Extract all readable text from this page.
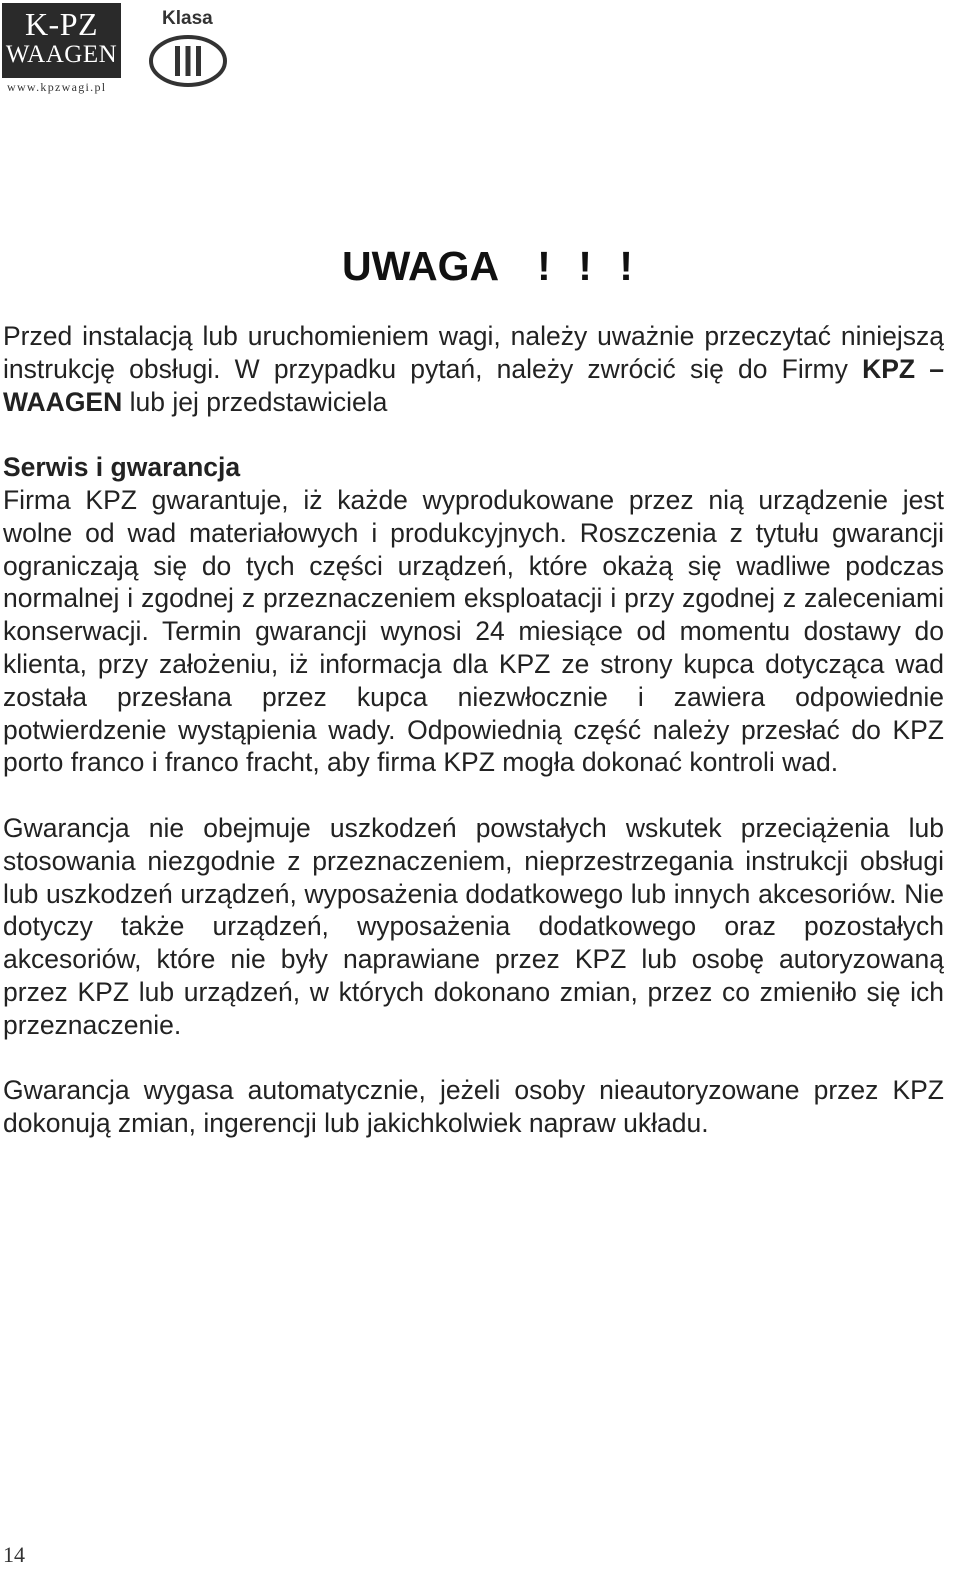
K-PZ
WAAGEN
www.kpzwagi.pl
Klasa
UWAGA ! ! !

Przed instalacją lub uruchomieniem wagi, należy uważnie przeczytać niniejszą instrukcję obsługi. W przypadku pytań, należy zwrócić się do Firmy KPZ – WAAGEN lub jej przedstawiciela

Serwis i gwarancja

Firma KPZ gwarantuje, iż każde wyprodukowane przez nią urządzenie jest wolne od wad materiałowych i produkcyjnych. Roszczenia z tytułu gwarancji ograniczają się do tych części urządzeń, które okażą się wadliwe podczas normalnej i zgodnej z przeznaczeniem eksploatacji i przy zgodnej z zaleceniami konserwacji. Termin gwarancji wynosi 24 miesiące od momentu dostawy do klienta, przy założeniu, iż informacja dla KPZ ze strony kupca dotycząca wad została przesłana przez kupca niezwłocznie i zawiera odpowiednie potwierdzenie wystąpienia wady. Odpowiednią część należy przesłać do KPZ porto franco i franco fracht, aby firma KPZ mogła dokonać kontroli wad.

Gwarancja nie obejmuje uszkodzeń powstałych wskutek przeciążenia lub stosowania niezgodnie z przeznaczeniem, nieprzestrzegania instrukcji obsługi lub uszkodzeń urządzeń, wyposażenia dodatkowego lub innych akcesoriów. Nie dotyczy także urządzeń, wyposażenia dodatkowego oraz pozostałych akcesoriów, które nie były naprawiane przez KPZ lub osobę autoryzowaną przez KPZ lub urządzeń, w których dokonano zmian, przez co zmieniło się ich przeznaczenie.

Gwarancja wygasa automatycznie, jeżeli osoby nieautoryzowane przez KPZ dokonują zmian, ingerencji lub jakichkolwiek napraw układu.

14
